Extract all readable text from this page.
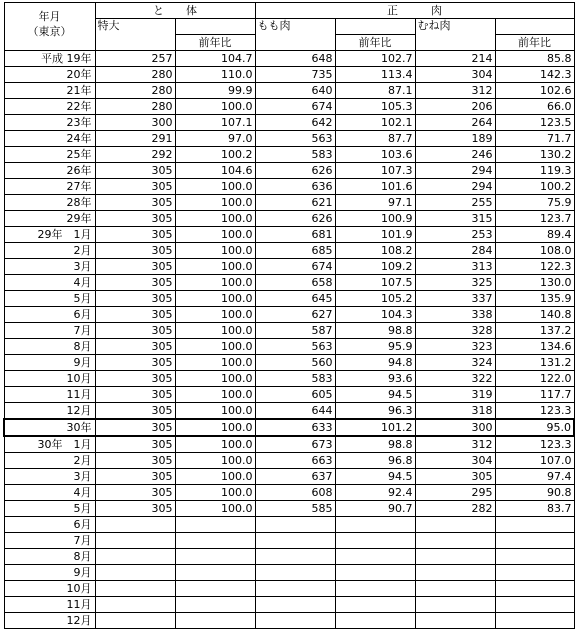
年月
（東京）	と　　体		正　　　肉			
	特大		もも肉		むね肉	
		前年比		前年比		前年比
平成 19年	257	104.7	648	102.7	214	85.8
20年	280	110.0	735	113.4	304	142.3
21年	280	99.9	640	87.1	312	102.6
22年	280	100.0	674	105.3	206	66.0
23年	300	107.1	642	102.1	264	123.5
24年	291	97.0	563	87.7	189	71.7
25年	292	100.2	583	103.6	246	130.2
26年	305	104.6	626	107.3	294	119.3
27年	305	100.0	636	101.6	294	100.2
28年	305	100.0	621	97.1	255	75.9
29年	305	100.0	626	100.9	315	123.7
29年　1月	305	100.0	681	101.9	253	89.4
2月	305	100.0	685	108.2	284	108.0
3月	305	100.0	674	109.2	313	122.3
4月	305	100.0	658	107.5	325	130.0
5月	305	100.0	645	105.2	337	135.9
6月	305	100.0	627	104.3	338	140.8
7月	305	100.0	587	98.8	328	137.2
8月	305	100.0	563	95.9	323	134.6
9月	305	100.0	560	94.8	324	131.2
10月	305	100.0	583	93.6	322	122.0
11月	305	100.0	605	94.5	319	117.7
12月	305	100.0	644	96.3	318	123.3
30年	305	100.0	633	101.2	300	95.0
30年　1月	305	100.0	673	98.8	312	123.3
2月	305	100.0	663	96.8	304	107.0
3月	305	100.0	637	94.5	305	97.4
4月	305	100.0	608	92.4	295	90.8
5月	305	100.0	585	90.7	282	83.7
6月						
7月						
8月						
9月						
10月						
11月						
12月						
